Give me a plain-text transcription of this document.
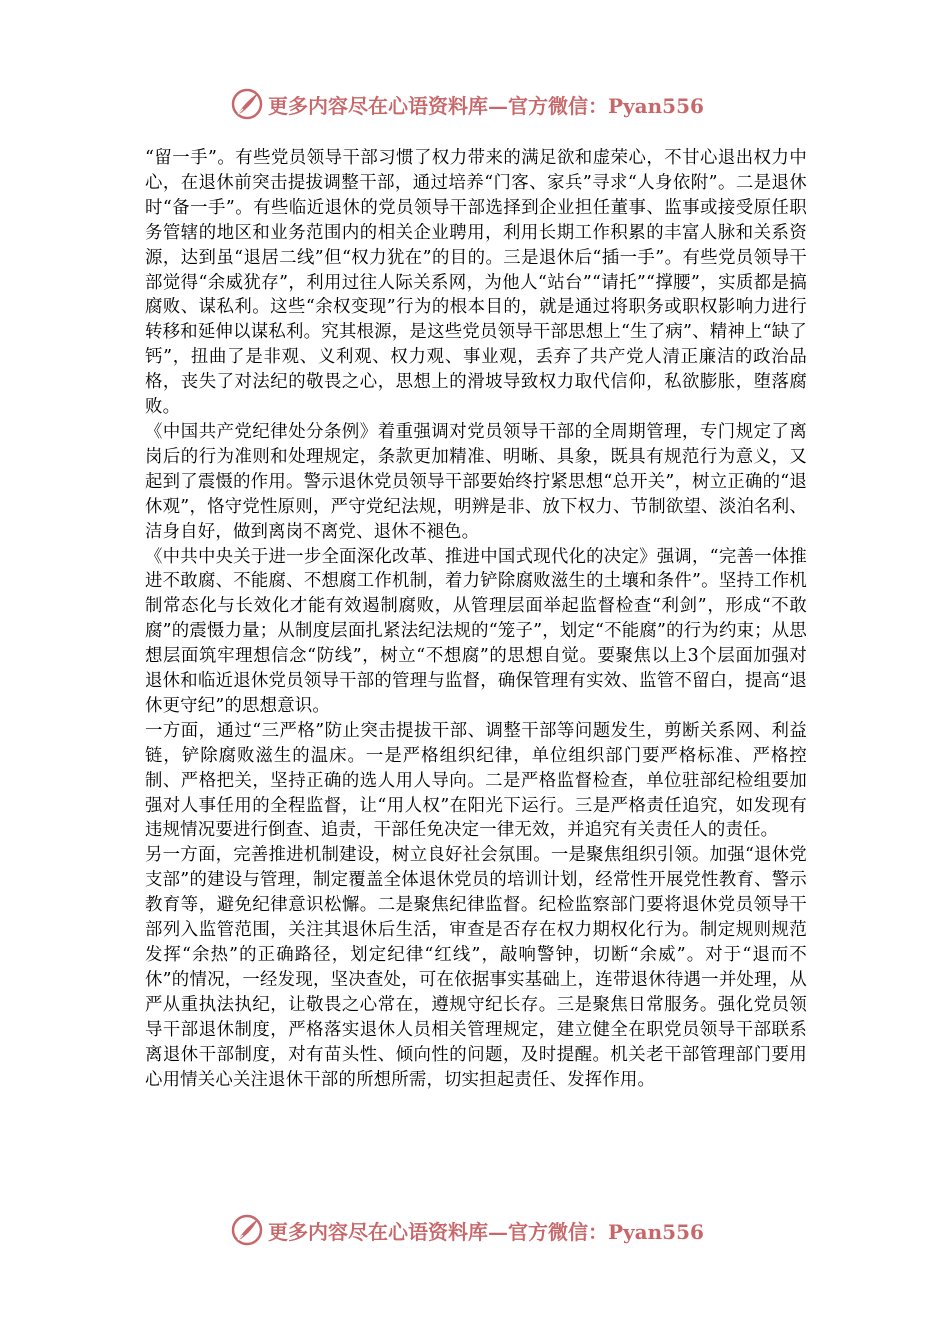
更多内容尽在心语资料库—官方微信：Pyan556

“留一手”。有些党员领导干部习惯了权力带来的满足欲和虚荣心，不甘心退出权力中心，在退休前突击提拔调整干部，通过培养“门客、家兵”寻求“人身依附”。二是退休时“备一手”。有些临近退休的党员领导干部选择到企业担任董事、监事或接受原任职务管辖的地区和业务范围内的相关企业聘用，利用长期工作积累的丰富人脉和关系资源，达到虽“退居二线”但“权力犹在”的目的。三是退休后“插一手”。有些党员领导干部觉得“余威犹存”，利用过往人际关系网，为他人“站台”“请托”“撑腰”，实质都是搞腐败、谋私利。这些“余权变现”行为的根本目的，就是通过将职务或职权影响力进行转移和延伸以谋私利。究其根源，是这些党员领导干部思想上“生了病”、精神上“缺了钙”，扭曲了是非观、义利观、权力观、事业观，丢弃了共产党人清正廉洁的政治品格，丧失了对法纪的敬畏之心，思想上的滑坡导致权力取代信仰，私欲膨胀，堕落腐败。

《中国共产党纪律处分条例》着重强调对党员领导干部的全周期管理，专门规定了离岗后的行为准则和处理规定，条款更加精准、明晰、具象，既具有规范行为意义，又起到了震慑的作用。警示退休党员领导干部要始终拧紧思想“总开关”，树立正确的“退休观”，恪守党性原则，严守党纪法规，明辨是非、放下权力、节制欲望、淡泊名利、洁身自好，做到离岗不离党、退休不褪色。

《中共中央关于进一步全面深化改革、推进中国式现代化的决定》强调，“完善一体推进不敢腐、不能腐、不想腐工作机制，着力铲除腐败滋生的土壤和条件”。坚持工作机制常态化与长效化才能有效遏制腐败，从管理层面举起监督检查“利剑”，形成“不敢腐”的震慑力量；从制度层面扎紧法纪法规的“笼子”，划定“不能腐”的行为约束；从思想层面筑牢理想信念“防线”，树立“不想腐”的思想自觉。要聚焦以上3个层面加强对退休和临近退休党员领导干部的管理与监督，确保管理有实效、监管不留白，提高“退休更守纪”的思想意识。

一方面，通过“三严格”防止突击提拔干部、调整干部等问题发生，剪断关系网、利益链，铲除腐败滋生的温床。一是严格组织纪律，单位组织部门要严格标准、严格控制、严格把关，坚持正确的选人用人导向。二是严格监督检查，单位驻部纪检组要加强对人事任用的全程监督，让“用人权”在阳光下运行。三是严格责任追究，如发现有违规情况要进行倒查、追责，干部任免决定一律无效，并追究有关责任人的责任。

另一方面，完善推进机制建设，树立良好社会氛围。一是聚焦组织引领。加强“退休党支部”的建设与管理，制定覆盖全体退休党员的培训计划，经常性开展党性教育、警示教育等，避免纪律意识松懈。二是聚焦纪律监督。纪检监察部门要将退休党员领导干部列入监管范围，关注其退休后生活，审查是否存在权力期权化行为。制定规则规范发挥“余热”的正确路径，划定纪律“红线”，敲响警钟，切断“余威”。对于“退而不休”的情况，一经发现，坚决查处，可在依据事实基础上，连带退休待遇一并处理，从严从重执法执纪，让敬畏之心常在，遵规守纪长存。三是聚焦日常服务。强化党员领导干部退休制度，严格落实退休人员相关管理规定，建立健全在职党员领导干部联系离退休干部制度，对有苗头性、倾向性的问题，及时提醒。机关老干部管理部门要用心用情关心关注退休干部的所想所需，切实担起责任、发挥作用。

更多内容尽在心语资料库—官方微信：Pyan556
